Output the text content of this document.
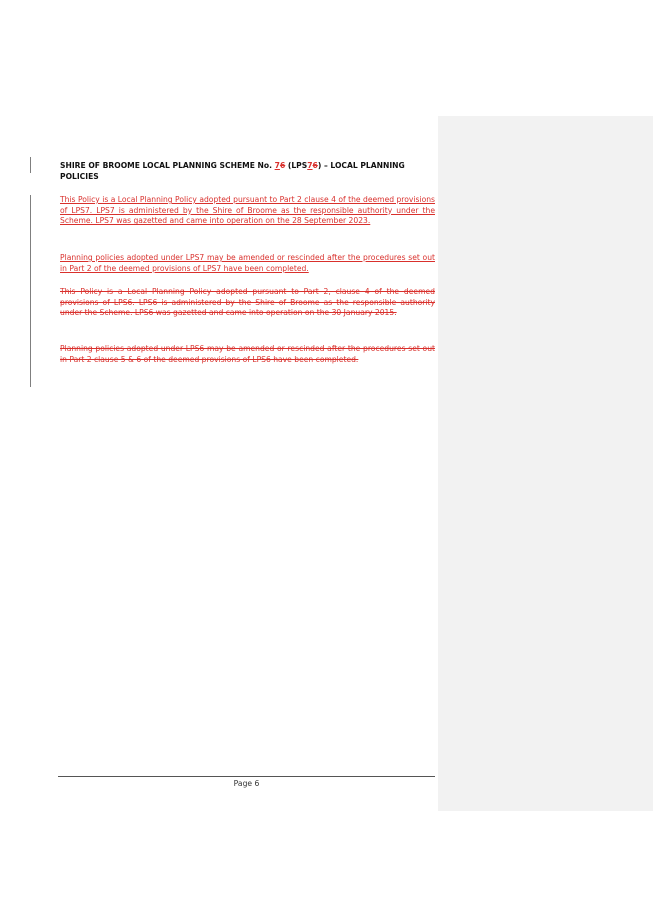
SHIRE OF BROOME LOCAL PLANNING SCHEME No. 76 (LPS76) – LOCAL PLANNING POLICIES
This Policy is a Local Planning Policy adopted pursuant to Part 2 clause 4 of the deemed provisions of LPS7. LPS7 is administered by the Shire of Broome as the responsible authority under the Scheme. LPS7 was gazetted and came into operation on the 28 September 2023.
Planning policies adopted under LPS7 may be amended or rescinded after the procedures set out in Part 2 of the deemed provisions of LPS7 have been completed.
This Policy is a Local Planning Policy adopted pursuant to Part 2, clause 4 of the deemed provisions of LPS6. LPS6 is administered by the Shire of Broome as the responsible authority under the Scheme. LPS6 was gazetted and came into operation on the 30 January 2015.
Planning policies adopted under LPS6 may be amended or rescinded after the procedures set out in Part 2 clause 5 & 6 of the deemed provisions of LPS6 have been completed.
Page 6
